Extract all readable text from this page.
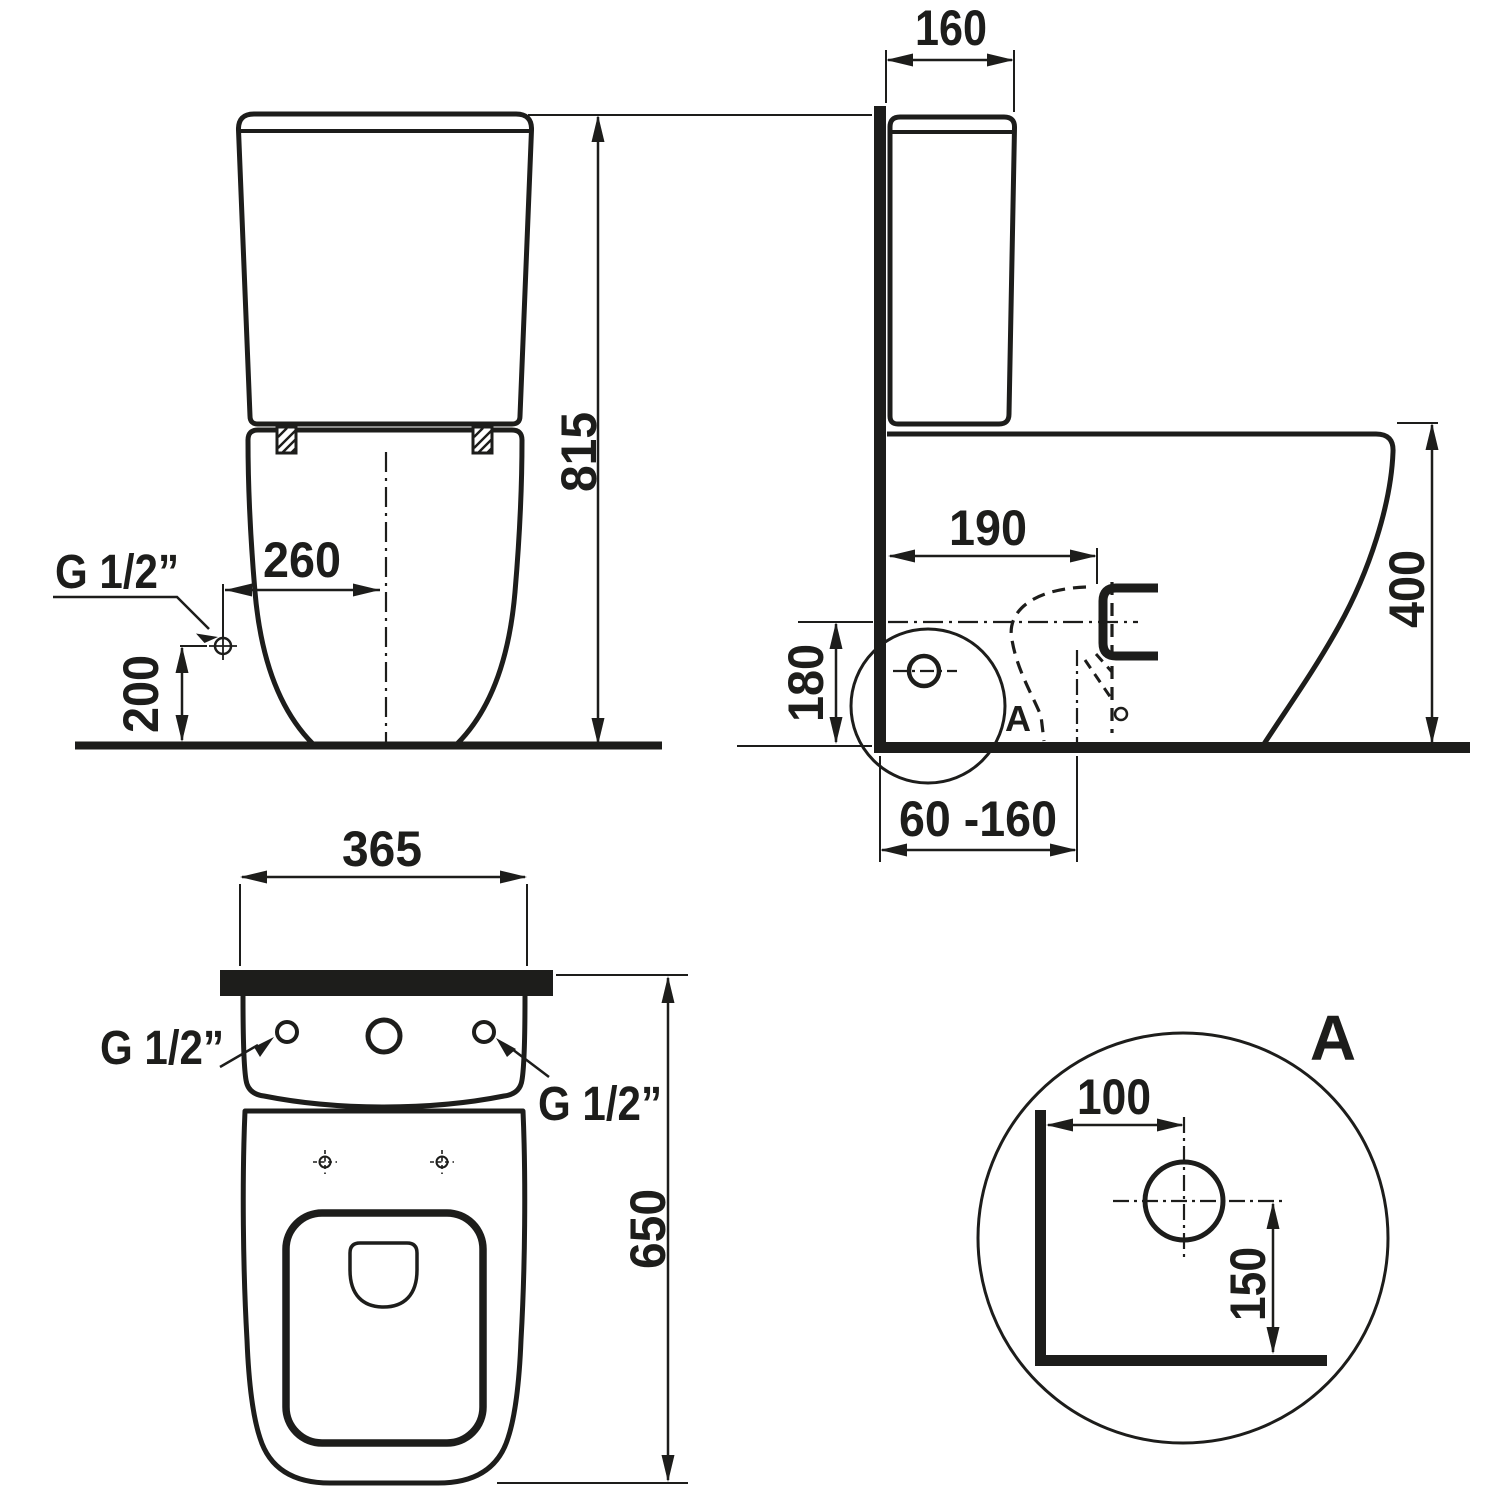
G 1/2” 260
200
815
A
160
190
180
400
60 -160
G 1/2”
G 1/2”
365
650
A
100
150
